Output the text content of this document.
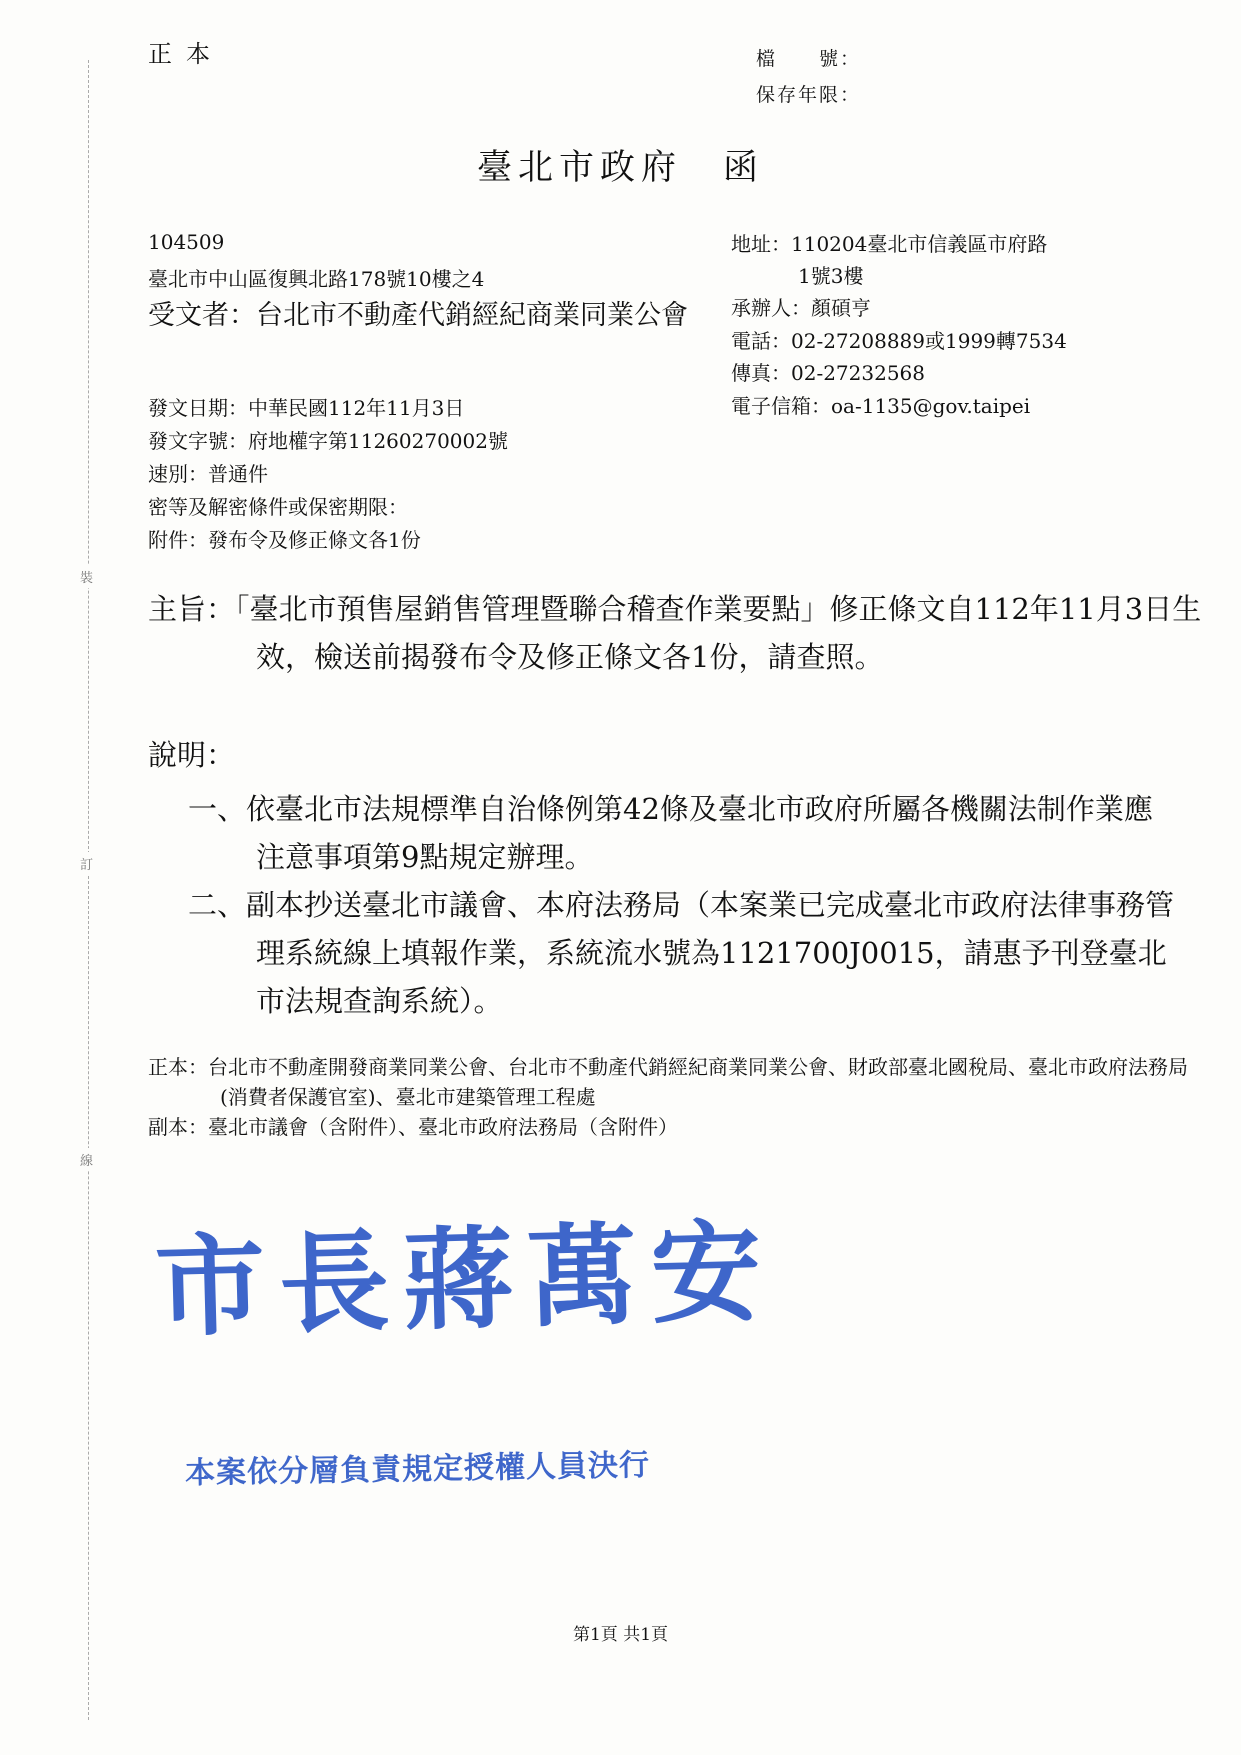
裝
訂
線
正本	檔　　號：
保存年限：
臺北市政府　函
104509
臺北市中山區復興北路178號10樓之4
受文者：台北市不動產代銷經紀商業同業公會
地址：110204臺北市信義區市府路
1號3樓
承辦人：顏碩亨
電話：02-27208889或1999轉7534
傳真：02-27232568
電子信箱：oa-1135@gov.taipei
發文日期：中華民國112年11月3日
發文字號：府地權字第11260270002號
速別：普通件
密等及解密條件或保密期限：
附件：發布令及修正條文各1份
主旨：「臺北市預售屋銷售管理暨聯合稽查作業要點」修正條文自112年11月3日生效，檢送前揭發布令及修正條文各1份，請查照。
說明：
一、依臺北市法規標準自治條例第42條及臺北市政府所屬各機關法制作業應注意事項第9點規定辦理。
二、副本抄送臺北市議會、本府法務局（本案業已完成臺北市政府法律事務管理系統線上填報作業，系統流水號為1121700J0015，請惠予刊登臺北市法規查詢系統）。
正本：台北市不動產開發商業同業公會、台北市不動產代銷經紀商業同業公會、財政部臺北國稅局、臺北市政府法務局(消費者保護官室)、臺北市建築管理工程處
副本：臺北市議會（含附件）、臺北市政府法務局（含附件）
市長蔣萬安
本案依分層負責規定授權人員決行
第1頁 共1頁
